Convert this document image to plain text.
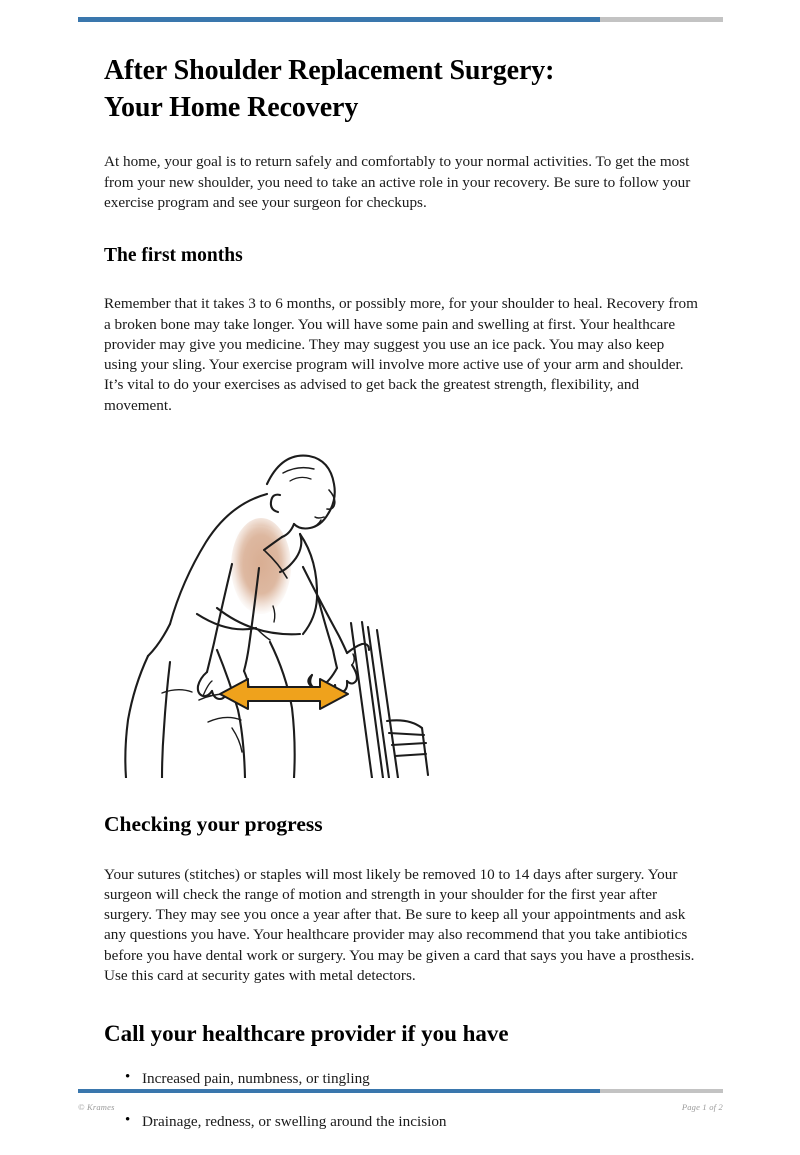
After Shoulder Replacement Surgery:
Your Home Recovery

At home, your goal is to return safely and comfortably to your normal activities. To get the most from your new shoulder, you need to take an active role in your recovery. Be sure to follow your exercise program and see your surgeon for checkups.

The first months

Remember that it takes 3 to 6 months, or possibly more, for your shoulder to heal. Recovery from a broken bone may take longer. You will have some pain and swelling at first. Your healthcare provider may give you medicine. They may suggest you use an ice pack. You may also keep using your sling. Your exercise program will involve more active use of your arm and shoulder. It’s vital to do your exercises as advised to get back the greatest strength, flexibility, and movement.

Checking your progress

Your sutures (stitches) or staples will most likely be removed 10 to 14 days after surgery. Your surgeon will check the range of motion and strength in your shoulder for the first year after surgery. They may see you once a year after that. Be sure to keep all your appointments and ask any questions you have. Your healthcare provider may also recommend that you take antibiotics before you have dental work or surgery. You may be given a card that says you have a prosthesis. Use this card at security gates with metal detectors.

Call your healthcare provider if you have
• Increased pain, numbness, or tingling
• Drainage, redness, or swelling around the incision
© Krames	Page 1 of 2
